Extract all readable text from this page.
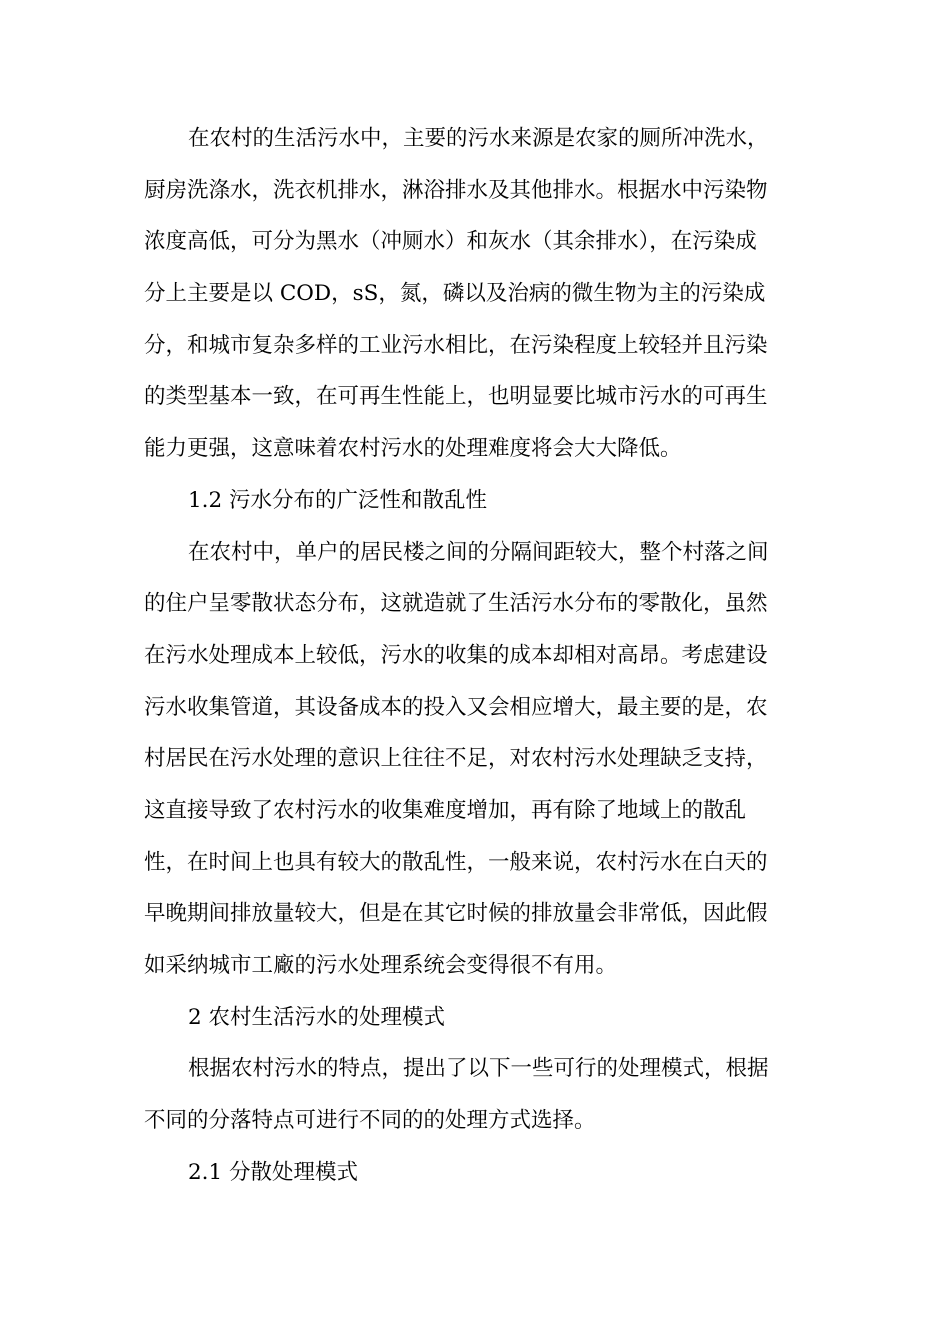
在农村的生活污水中，主要的污水来源是农家的厕所冲洗水，
厨房洗涤水，洗衣机排水，淋浴排水及其他排水。根据水中污染物
浓度高低，可分为黑水（冲厕水）和灰水（其余排水），在污染成
分上主要是以 COD，sS，氮，磷以及治病的微生物为主的污染成
分，和城市复杂多样的工业污水相比，在污染程度上较轻并且污染
的类型基本一致，在可再生性能上，也明显要比城市污水的可再生
能力更强，这意味着农村污水的处理难度将会大大降低。
1.2 污水分布的广泛性和散乱性
在农村中，单户的居民楼之间的分隔间距较大，整个村落之间
的住户呈零散状态分布，这就造就了生活污水分布的零散化，虽然
在污水处理成本上较低，污水的收集的成本却相对高昂。考虑建设
污水收集管道，其设备成本的投入又会相应增大，最主要的是，农
村居民在污水处理的意识上往往不足，对农村污水处理缺乏支持，
这直接导致了农村污水的收集难度增加，再有除了地域上的散乱
性，在时间上也具有较大的散乱性，一般来说，农村污水在白天的
早晚期间排放量较大，但是在其它时候的排放量会非常低，因此假
如采纳城市工廠的污水处理系统会变得很不有用。
2 农村生活污水的处理模式
根据农村污水的特点，提出了以下一些可行的处理模式，根据
不同的分落特点可进行不同的的处理方式选择。
2.1 分散处理模式
